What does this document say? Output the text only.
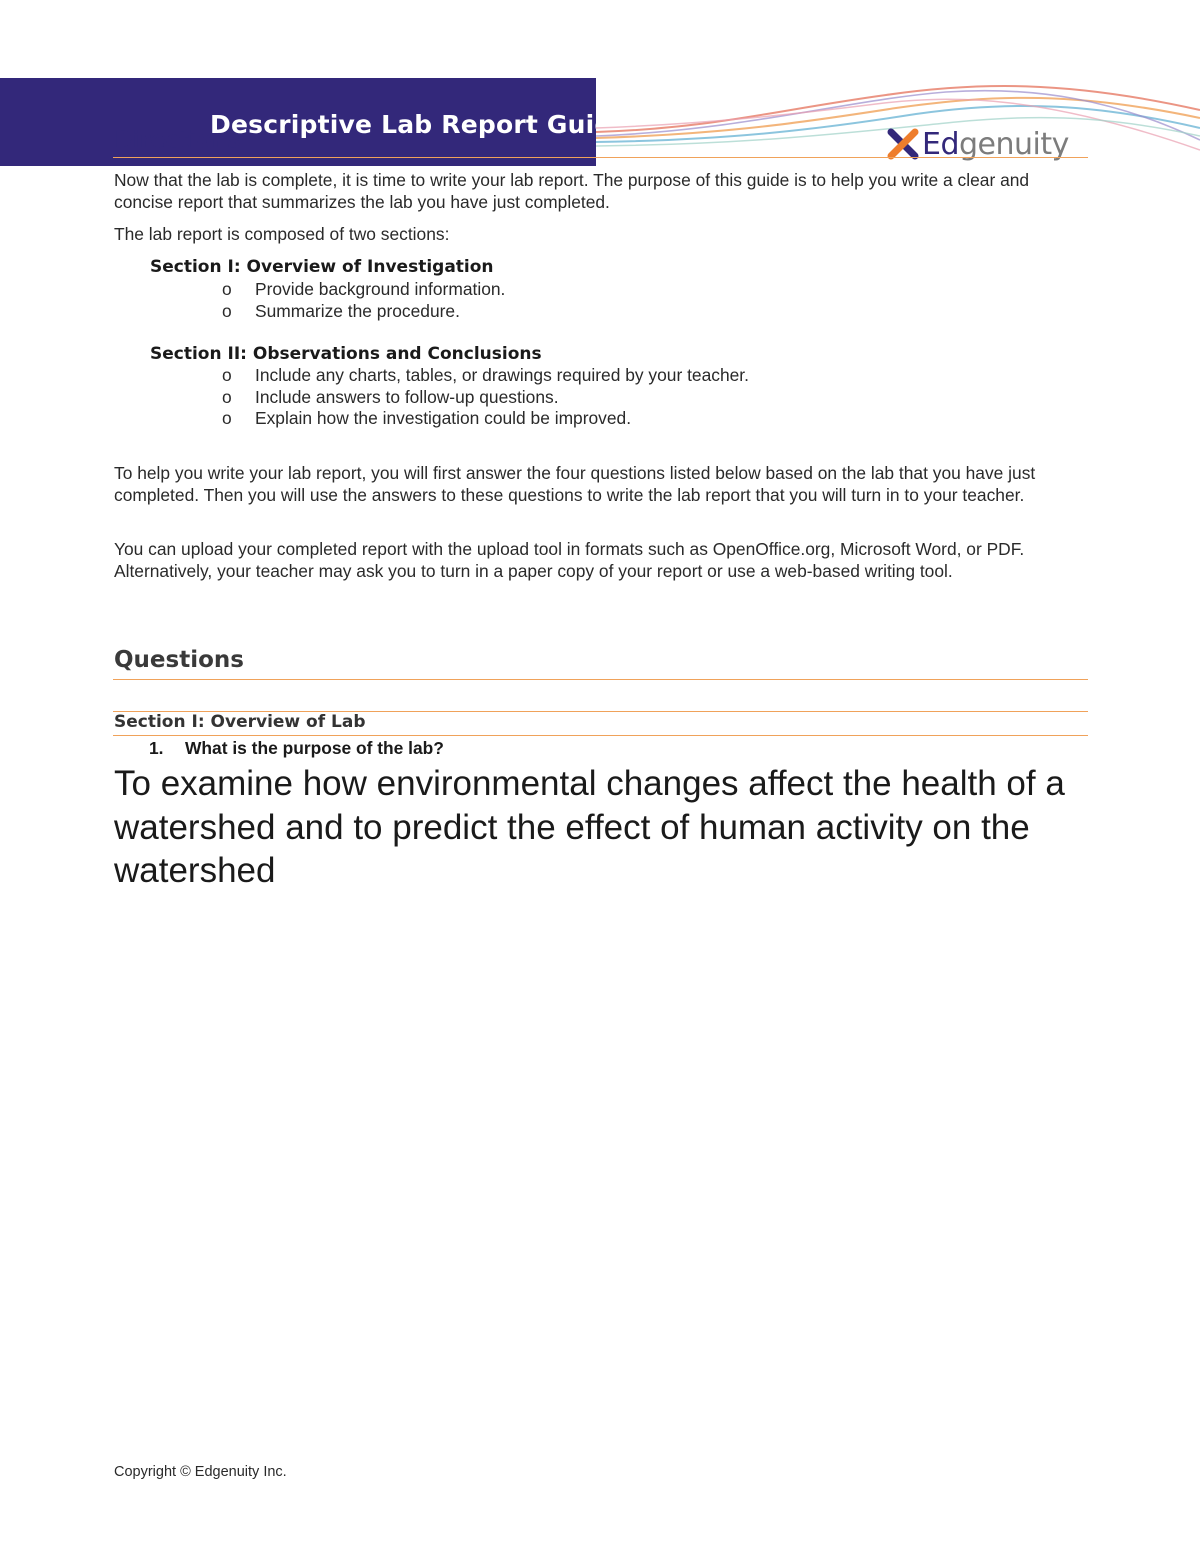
Descriptive Lab Report Guide
Ed genuity
Directions

Now that the lab is complete, it is time to write your lab report. The purpose of this guide is to help you write a clear and concise report that summarizes the lab you have just completed.

The lab report is composed of two sections:

Section I: Overview of Investigation
o	Provide background information.
o	Summarize the procedure.
Section II: Observations and Conclusions
o	Include any charts, tables, or drawings required by your teacher.
o	Include answers to follow-up questions.
o	Explain how the investigation could be improved.

To help you write your lab report, you will first answer the four questions listed below based on the lab that you have just completed. Then you will use the answers to these questions to write the lab report that you will turn in to your teacher.

You can upload your completed report with the upload tool in formats such as OpenOffice.org, Microsoft Word, or PDF. Alternatively, your teacher may ask you to turn in a paper copy of your report or use a web-based writing tool.

Questions
Section I: Overview of Lab
1.	What is the purpose of the lab?

To examine how environmental changes affect the health of a watershed and to predict the effect of human activity on the watershed

Copyright © Edgenuity Inc.
